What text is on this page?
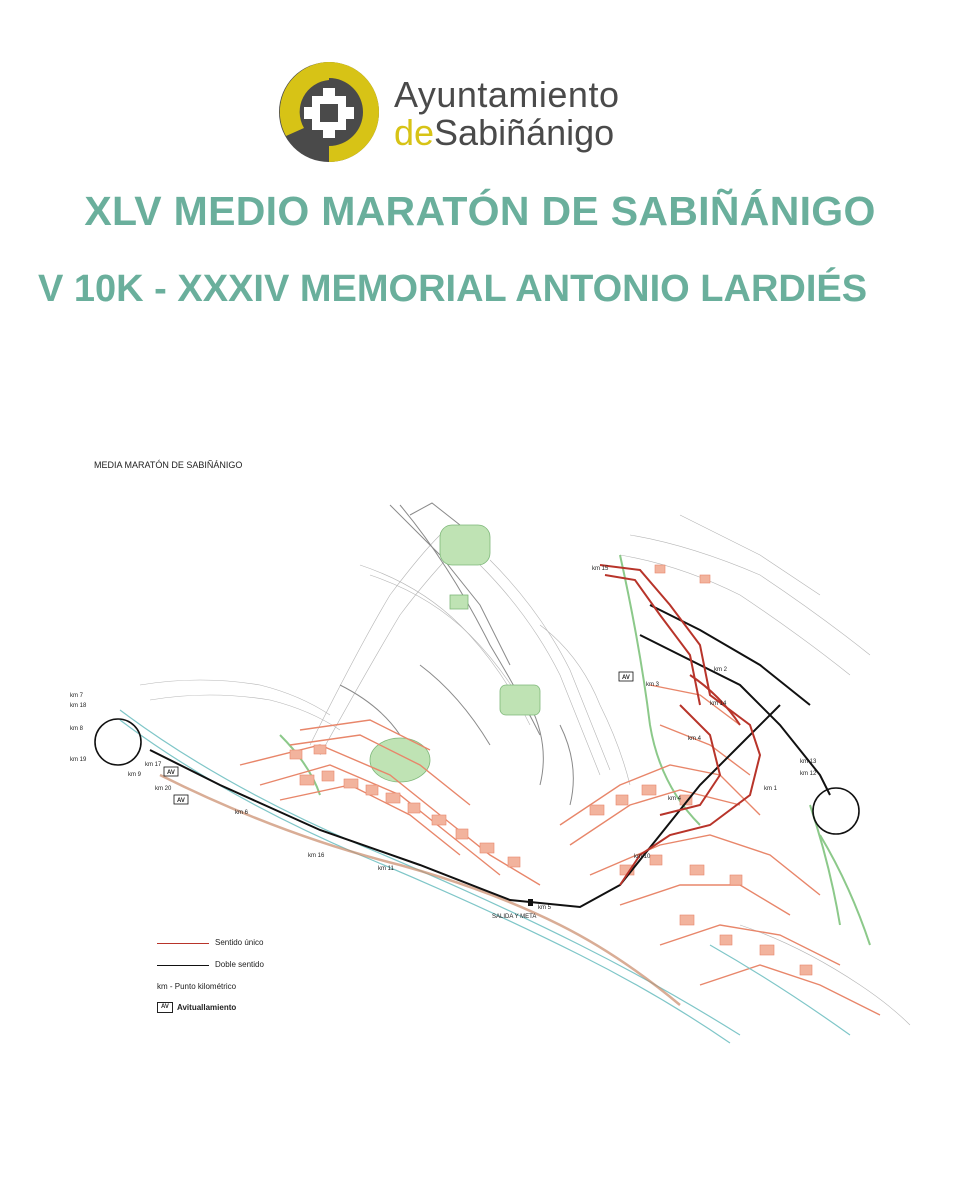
Ayuntamiento
deSabiñánigo
XLV MEDIO MARATÓN DE SABIÑÁNIGO
V 10K - XXXIV MEMORIAL ANTONIO LARDIÉS
MEDIA MARATÓN DE SABIÑÁNIGO
km 7
km 18
km 8
km 19
km 17
km 9
km 20
km 6
km 16
km 11
km 5
km 10
km 4
km 4
km 3
km 14
km 2
km 15
km 1
km 13
km 12
AV
AV
AV
SALIDA Y META
Sentido único
Doble sentido
km - Punto kilométrico
AV	Avituallamiento
